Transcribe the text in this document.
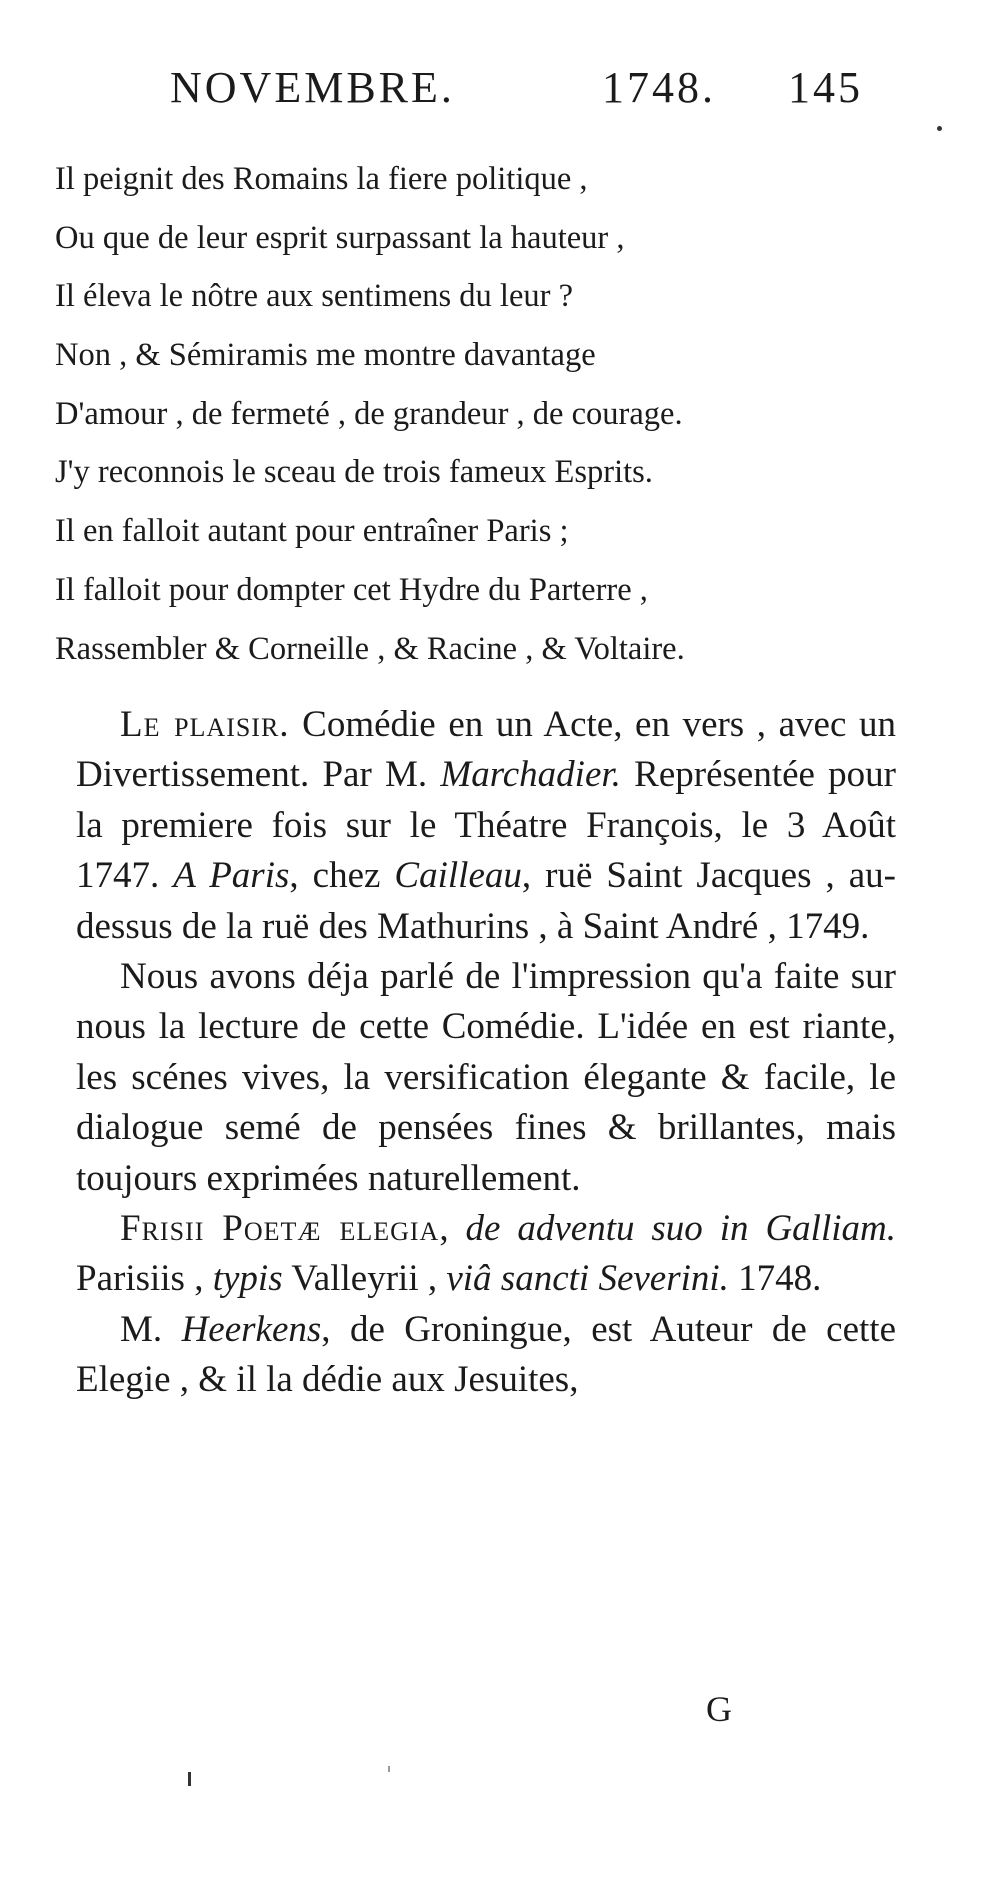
NOVEMBRE.	1748. 145
Il peignit des Romains la fiere politique ,
Ou que de leur esprit surpassant la hauteur ,
Il éleva le nôtre aux sentimens du leur ?
Non , & Sémiramis me montre davantage
D'amour , de fermeté , de grandeur , de courage.
J'y reconnois le sceau de trois fameux Esprits.
Il en falloit autant pour entraîner Paris ;
Il falloit pour dompter cet Hydre du Parterre ,
Rassembler & Corneille , & Racine , & Voltaire.

Le plaisir. Comédie en un Acte, en vers , avec un Divertissement. Par M. Marchadier. Représentée pour la premiere fois sur le Théatre François, le 3 Août 1747. A Paris, chez Cailleau, ruë Saint Jacques , au-dessus de la ruë des Mathurins , à Saint André , 1749.

Nous avons déja parlé de l'impression qu'a faite sur nous la lecture de cette Comédie. L'idée en est riante, les scénes vives, la versification élegante & facile, le dialogue semé de pensées fines & brillantes, mais toujours exprimées naturellement.

Frisii Poetæ elegia, de adventu suo in Galliam. Parisiis , typis Valleyrii , viâ sancti Severini. 1748.

M. Heerkens, de Groningue, est Auteur de cette Elegie , & il la dédie aux Jesuites,

G
